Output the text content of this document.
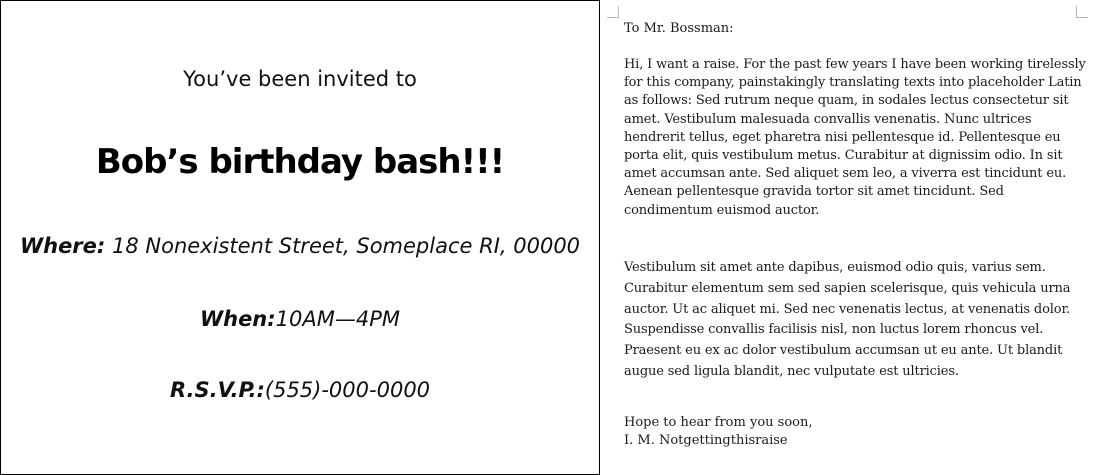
You’ve been invited to
Bob’s birthday bash!!!
Where: 18 Nonexistent Street, Someplace RI, 00000
When:10AM—4PM
R.S.V.P.:(555)-000-0000

To Mr. Bossman:

Hi, I want a raise. For the past few years I have been working tirelessly for this company, painstakingly translating texts into placeholder Latin as follows: Sed rutrum neque quam, in sodales lectus consectetur sit amet. Vestibulum malesuada convallis venenatis. Nunc ultrices hendrerit tellus, eget pharetra nisi pellentesque id. Pellentesque eu porta elit, quis vestibulum metus. Curabitur at dignissim odio. In sit amet accumsan ante. Sed aliquet sem leo, a viverra est tincidunt eu. Aenean pellentesque gravida tortor sit amet tincidunt. Sed condimentum euismod auctor.

Vestibulum sit amet ante dapibus, euismod odio quis, varius sem. Curabitur elementum sem sed sapien scelerisque, quis vehicula urna auctor. Ut ac aliquet mi. Sed nec venenatis lectus, at venenatis dolor. Suspendisse convallis facilisis nisl, non luctus lorem rhoncus vel. Praesent eu ex ac dolor vestibulum accumsan ut eu ante. Ut blandit augue sed ligula blandit, nec vulputate est ultricies.

Hope to hear from you soon,

I. M. Notgettingthisraise
